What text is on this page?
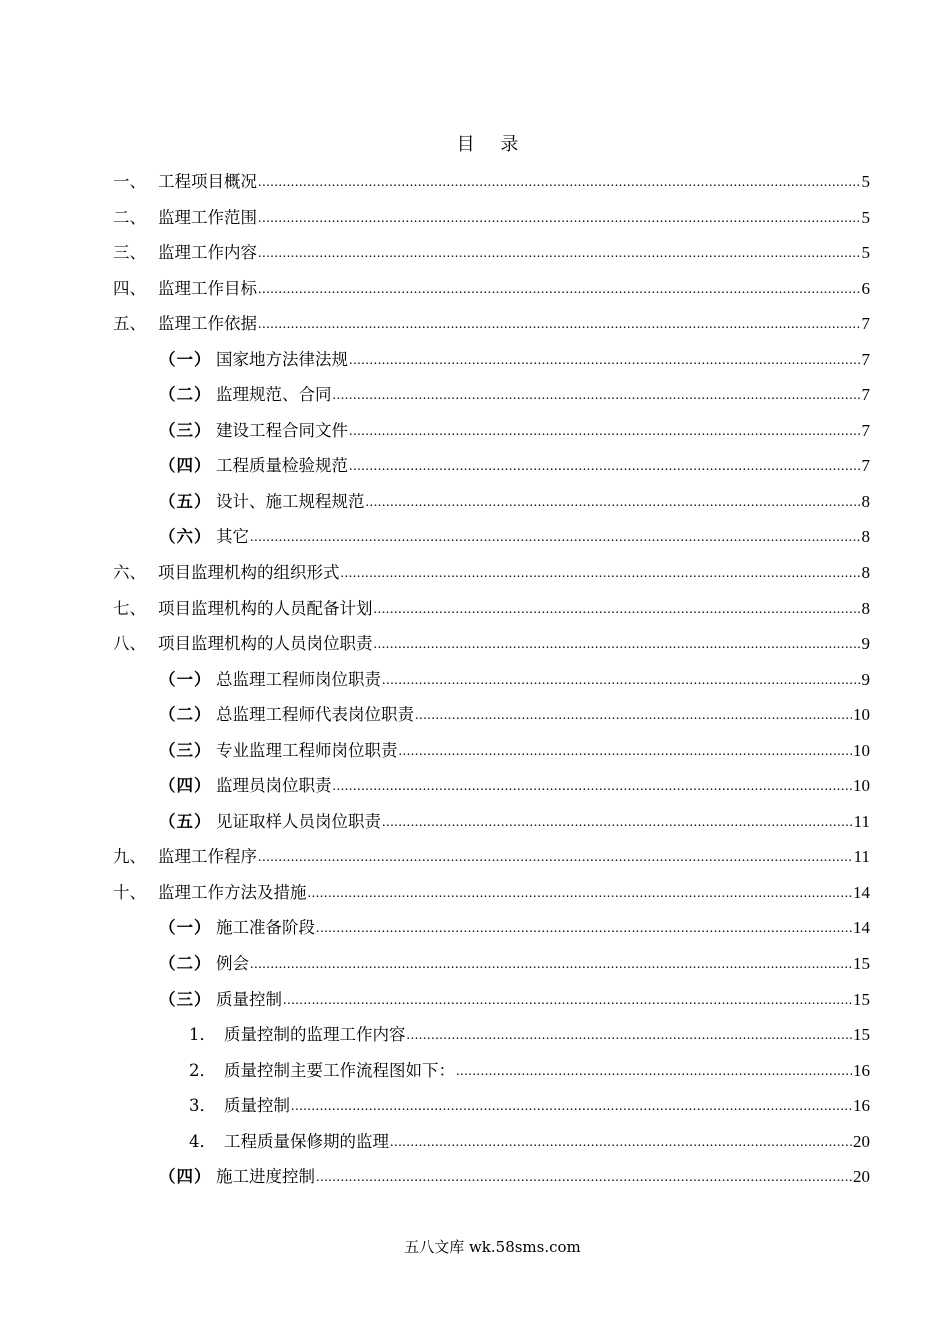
目 录
一、 工程项目概况 .....	5
二、 监理工作范围 .....	5
三、 监理工作内容 .....	5
四、 监理工作目标 .....	6
五、 监理工作依据 .....	7
（一） 国家地方法律法规 .....	7
（二） 监理规范、合同 .....	7
（三） 建设工程合同文件 .....	7
（四） 工程质量检验规范 .....	7
（五） 设计、施工规程规范 .....	8
（六） 其它 .....	8
六、 项目监理机构的组织形式 .....	8
七、 项目监理机构的人员配备计划 .....	8
八、 项目监理机构的人员岗位职责 .....	9
（一） 总监理工程师岗位职责 .....	9
（二） 总监理工程师代表岗位职责 .....	10
（三） 专业监理工程师岗位职责 .....	10
（四） 监理员岗位职责 .....	10
（五） 见证取样人员岗位职责 .....	11
九、 监理工作程序 .....	11
十、 监理工作方法及措施 .....	14
（一） 施工准备阶段 .....	14
（二） 例会 .....	15
（三） 质量控制 .....	15
1． 质量控制的监理工作内容 .....	15
2． 质量控制主要工作流程图如下： .....	16
3． 质量控制 .....	16
4． 工程质量保修期的监理 .....	20
（四） 施工进度控制 .....	20
五八文库 wk.58sms.com
